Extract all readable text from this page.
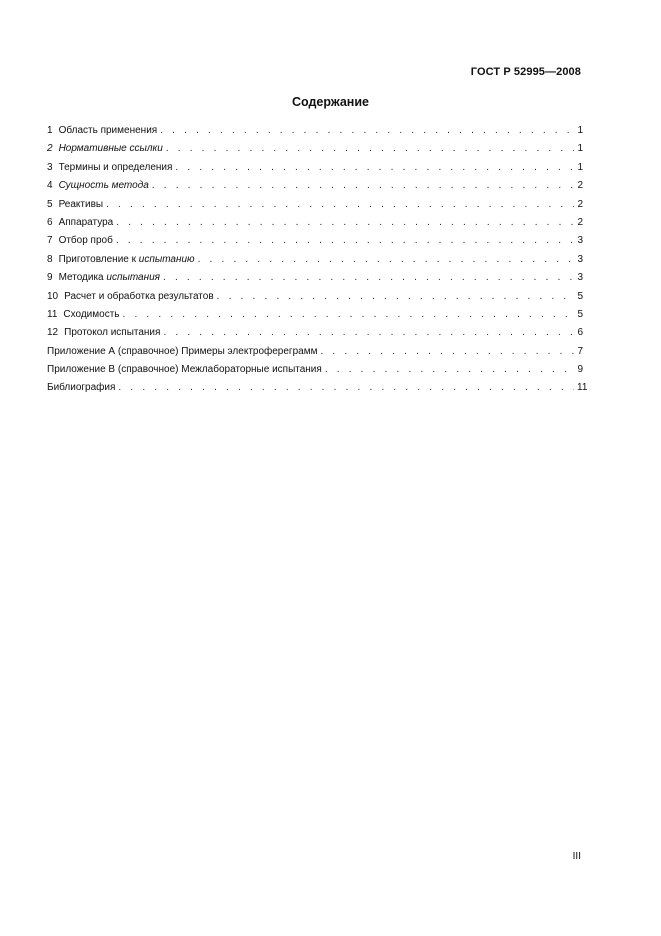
ГОСТ Р 52995—2008
Содержание
1 Область применения . . .	1
2 Нормативные ссылки . . .	1
3 Термины и определения . . .	1
4 Сущность метода . . .	2
5 Реактивы . . .	2
6 Аппаратура . . .	2
7 Отбор проб . . .	3
8 Приготовление к испытанию . . .	3
9 Методика испытания . . .	3
10 Расчет и обработка результатов . . .	5
11 Сходимость . . .	5
12 Протокол испытания . . .	6
Приложение А (справочное) Примеры электрофереграмм . . .	7
Приложение В (справочное) Межлабораторные испытания . . .	9
Библиография . . .	11
III
